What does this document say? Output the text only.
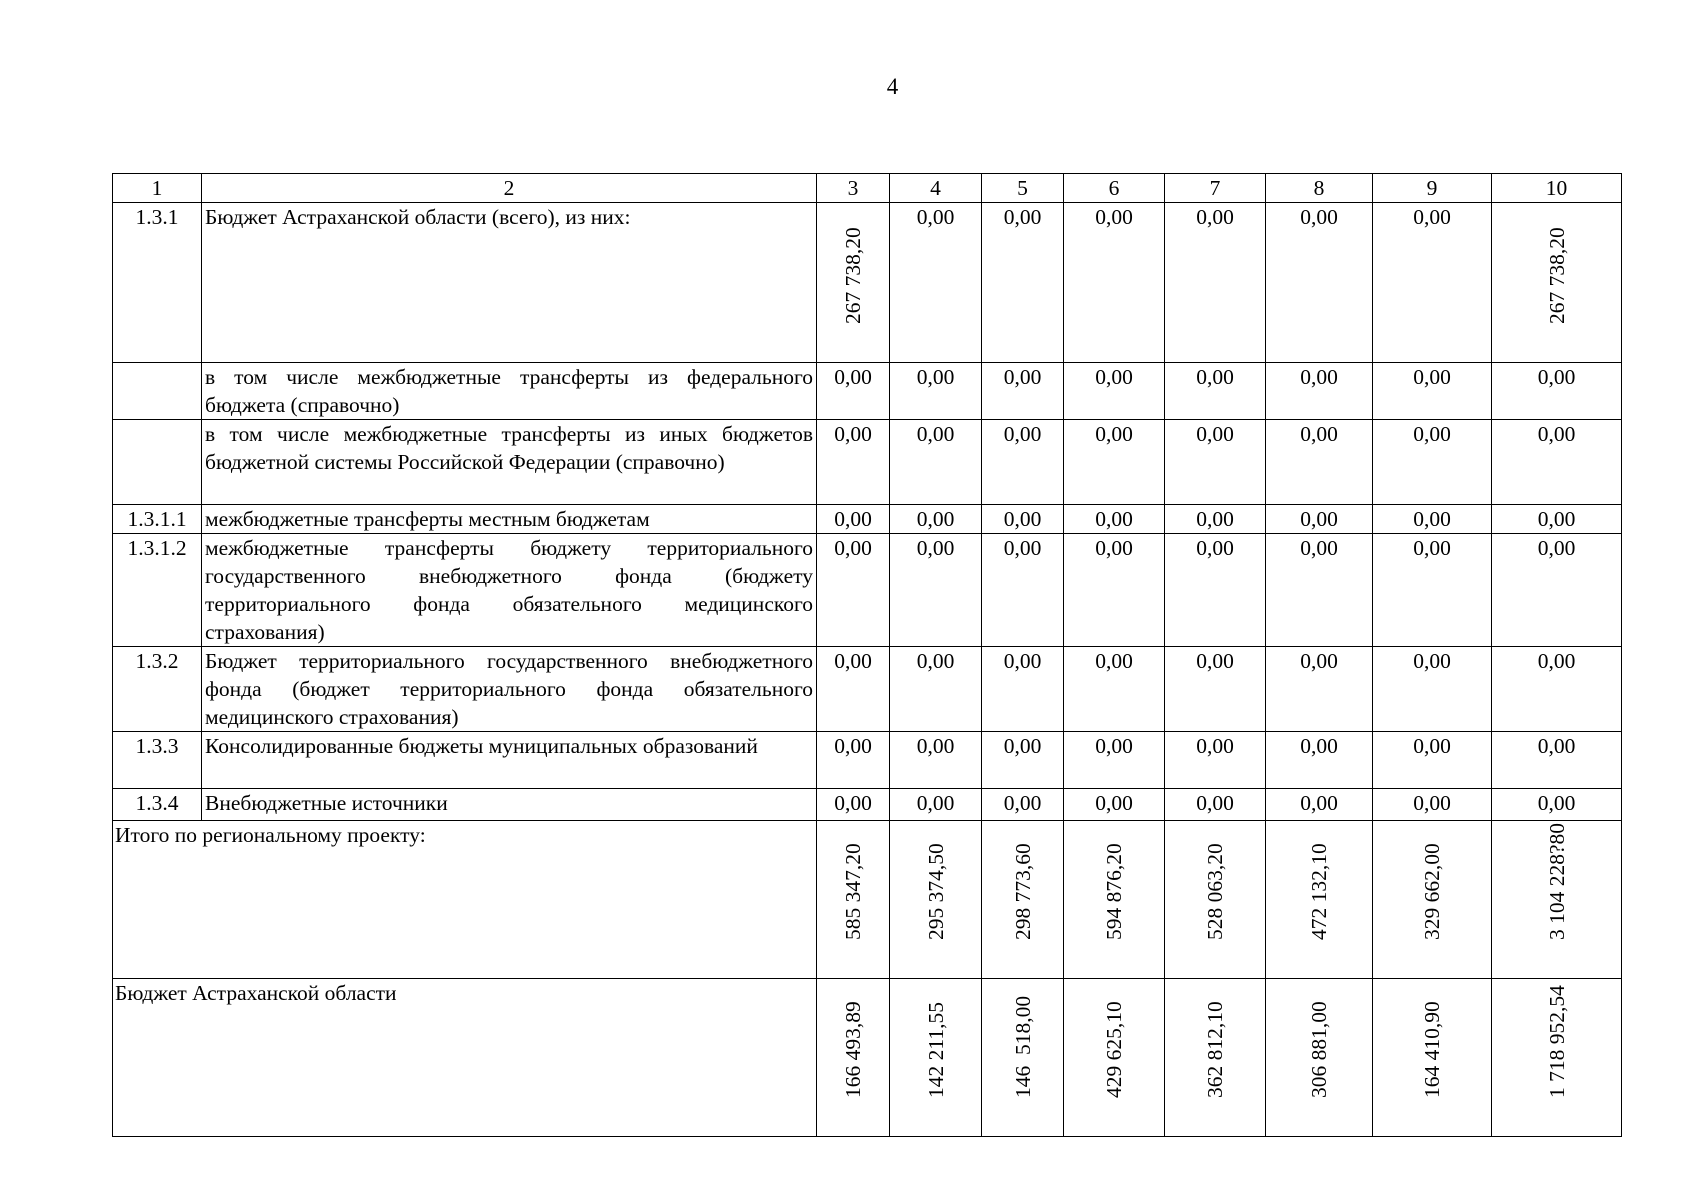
4
1	2	3	4	5	6	7	8	9	10
1.3.1	Бюджет Астраханской области (всего), из них:	267 738,20	0,00	0,00	0,00	0,00	0,00	0,00	267 738,20

	в том числе межбюджетные трансферты из федерального бюджета (справочно)	0,00	0,00	0,00	0,00	0,00	0,00	0,00	0,00
	в том числе межбюджетные трансферты из иных бюджетов бюджетной системы Российской Федерации (справочно)	0,00	0,00	0,00	0,00	0,00	0,00	0,00	0,00
1.3.1.1	межбюджетные трансферты местным бюджетам	0,00	0,00	0,00	0,00	0,00	0,00	0,00	0,00
1.3.1.2	межбюджетные трансферты бюджету территориального государственного внебюджетного фонда (бюджету территориального фонда обязательного медицинского страхования)	0,00	0,00	0,00	0,00	0,00	0,00	0,00	0,00
1.3.2	Бюджет территориального государственного внебюджетного фонда (бюджет территориального фонда обязательного медицинского страхования)	0,00	0,00	0,00	0,00	0,00	0,00	0,00	0,00
1.3.3	Консолидированные бюджеты муниципальных образований	0,00	0,00	0,00	0,00	0,00	0,00	0,00	0,00
1.3.4	Внебюджетные источники	0,00	0,00	0,00	0,00	0,00	0,00	0,00	0,00
Итого по региональному проекту:		585 347,20	295 374,50	298 773,60	594 876,20	528 063,20	472 132,10	329 662,00	3 104 228?80

Бюджет Астраханской области		166 493,89	142 211,55	146  518,00	429 625,10	362 812,10	306 881,00	164 410,90	1 718 952,54
